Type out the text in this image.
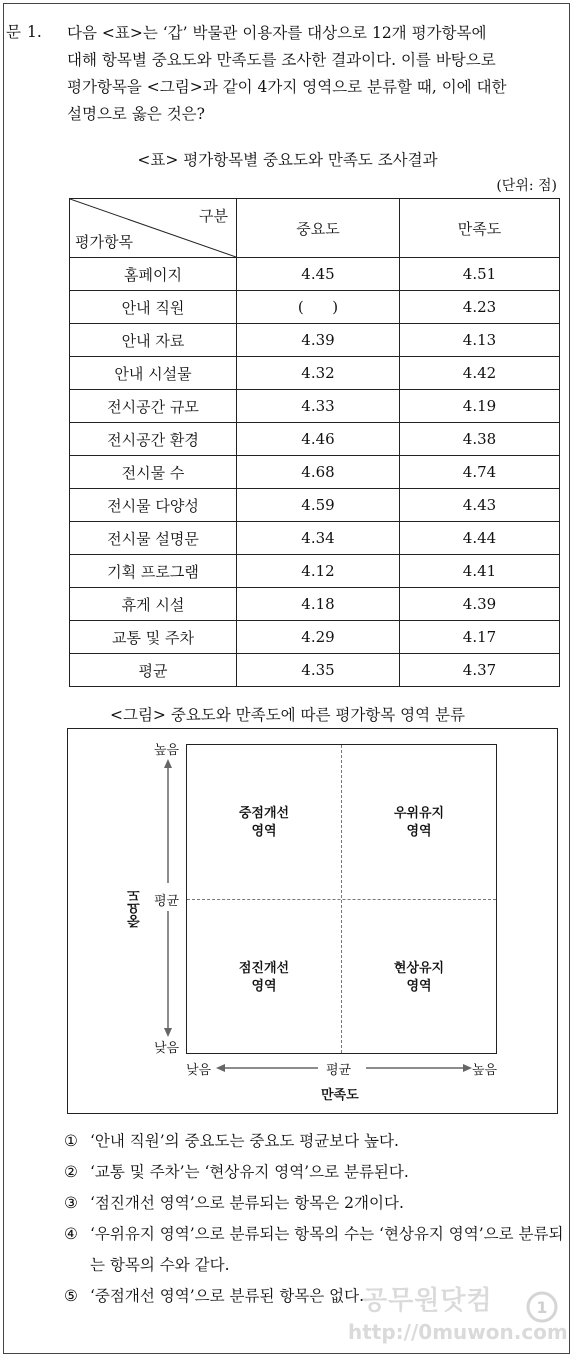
문 1.	다음 <표>는 ‘갑’ 박물관 이용자를 대상으로 12개 평가항목에
대해 항목별 중요도와 만족도를 조사한 결과이다. 이를 바탕으로
평가항목을 <그림>과 같이 4가지 영역으로 분류할 때, 이에 대한
설명으로 옳은 것은?
<표> 평가항목별 중요도와 만족도 조사결과
(단위: 점)
구분
평가항목	중요도	만족도
홈페이지	4.45	4.51
안내 직원	(      )	4.23
안내 자료	4.39	4.13
안내 시설물	4.32	4.42
전시공간 규모	4.33	4.19
전시공간 환경	4.46	4.38
전시물 수	4.68	4.74
전시물 다양성	4.59	4.43
전시물 설명문	4.34	4.44
기획 프로그램	4.12	4.41
휴게 시설	4.18	4.39
교통 및 주차	4.29	4.17
평균	4.35	4.37
<그림> 중요도와 만족도에 따른 평가항목 영역 분류
중점개선
영역
우위유지
영역
점진개선
영역
현상유지
영역
높음
평균
낮음
중요도
낮음	평균	높음
만족도
① ‘안내 직원’의 중요도는 중요도 평균보다 높다.
② ‘교통 및 주차’는 ‘현상유지 영역’으로 분류된다.
③ ‘점진개선 영역’으로 분류되는 항목은 2개이다.
④ ‘우위유지 영역’으로 분류되는 항목의 수는 ‘현상유지 영역’으로 분류되는 항목의 수와 같다.
⑤ ‘중점개선 영역’으로 분류된 항목은 없다.
공무원닷컴
http://0muwon.com
1
